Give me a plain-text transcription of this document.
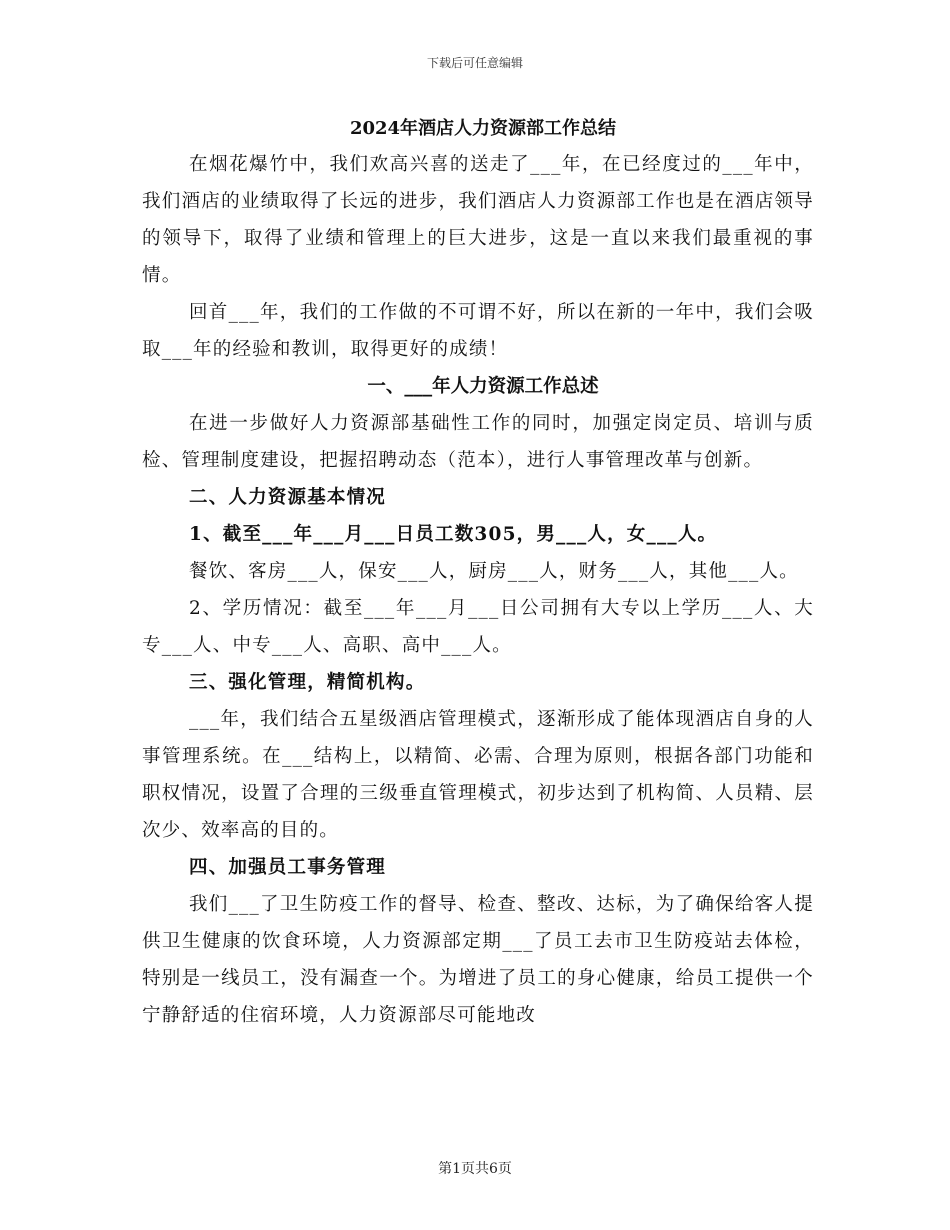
下载后可任意编辑
2024年酒店人力资源部工作总结

在烟花爆竹中，我们欢高兴喜的送走了___年，在已经度过的___年中，我们酒店的业绩取得了长远的进步，我们酒店人力资源部工作也是在酒店领导的领导下，取得了业绩和管理上的巨大进步，这是一直以来我们最重视的事情。

回首___年，我们的工作做的不可谓不好，所以在新的一年中，我们会吸取___年的经验和教训，取得更好的成绩！

一、___年人力资源工作总述

在进一步做好人力资源部基础性工作的同时，加强定岗定员、培训与质检、管理制度建设，把握招聘动态（范本），进行人事管理改革与创新。

二、人力资源基本情况

1、截至___年___月___日员工数305，男___人，女___人。

餐饮、客房___人，保安___人，厨房___人，财务___人，其他___人。

2、学历情况：截至___年___月___日公司拥有大专以上学历___人、大专___人、中专___人、高职、高中___人。

三、强化管理，精简机构。

___年，我们结合五星级酒店管理模式，逐渐形成了能体现酒店自身的人事管理系统。在___结构上，以精简、必需、合理为原则，根据各部门功能和职权情况，设置了合理的三级垂直管理模式，初步达到了机构简、人员精、层次少、效率高的目的。

四、加强员工事务管理

我们___了卫生防疫工作的督导、检查、整改、达标，为了确保给客人提供卫生健康的饮食环境，人力资源部定期___了员工去市卫生防疫站去体检，特别是一线员工，没有漏查一个。为增进了员工的身心健康，给员工提供一个宁静舒适的住宿环境，人力资源部尽可能地改

第1页共6页
